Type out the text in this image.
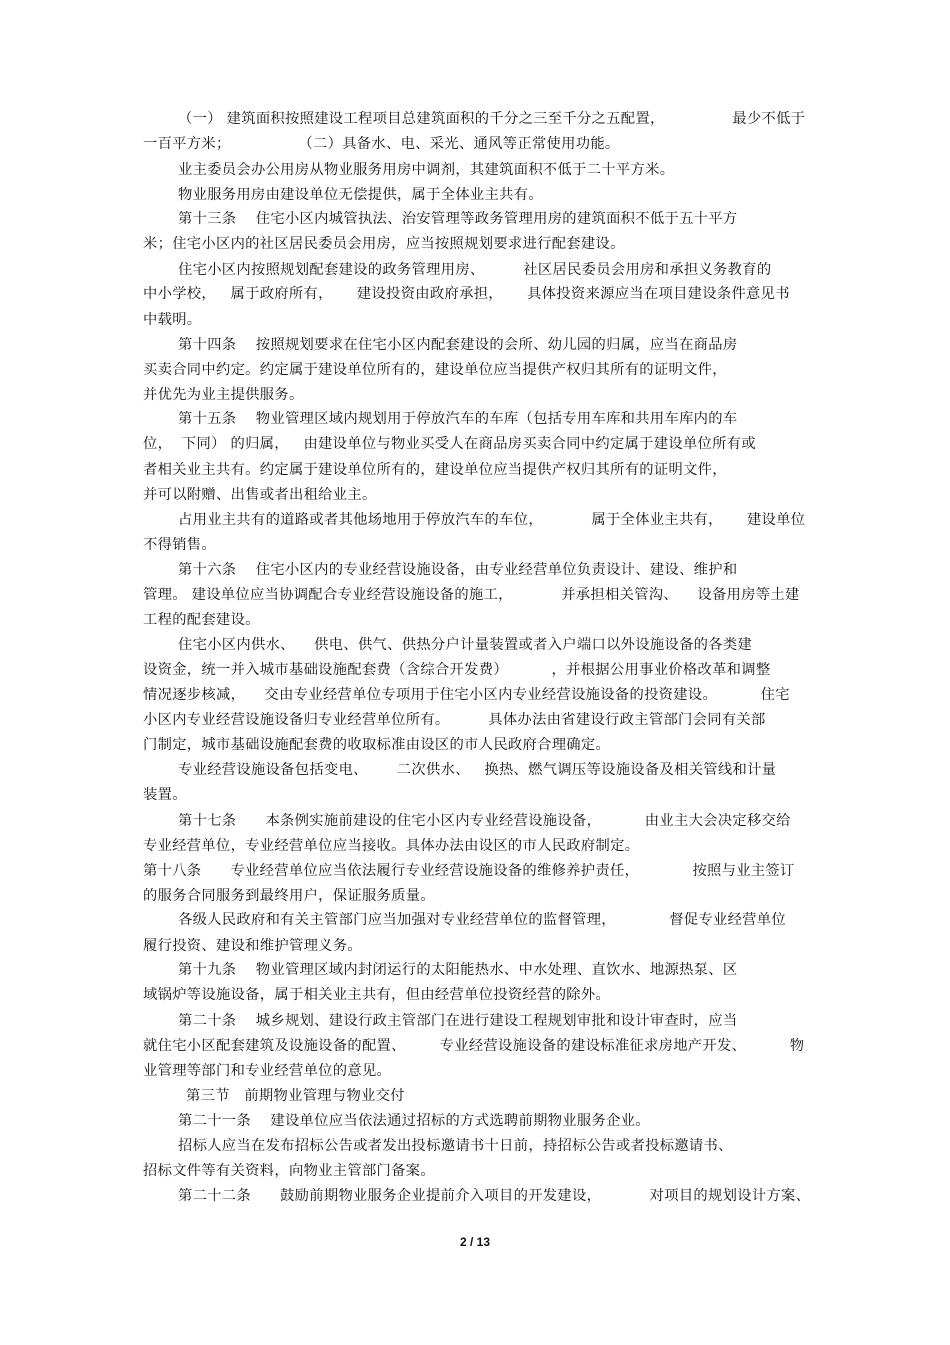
（一） 建筑面积按照建设工程项目总建筑面积的千分之三至千分之五配置，              最少不低于
一百平方米；              （二）具备水、电、采光、通风等正常使用功能。
业主委员会办公用房从物业服务用房中调剂，其建筑面积不低于二十平方米。
物业服务用房由建设单位无偿提供，属于全体业主共有。
第十三条    住宅小区内城管执法、治安管理等政务管理用房的建筑面积不低于五十平方
米；住宅小区内的社区居民委员会用房，应当按照规划要求进行配套建设。
住宅小区内按照规划配套建设的政务管理用房、        社区居民委员会用房和承担义务教育的
中小学校，   属于政府所有，     建设投资由政府承担，     具体投资来源应当在项目建设条件意见书
中载明。
第十四条    按照规划要求在住宅小区内配套建设的会所、幼儿园的归属，应当在商品房
买卖合同中约定。约定属于建设单位所有的，建设单位应当提供产权归其所有的证明文件，
并优先为业主提供服务。
第十五条    物业管理区域内规划用于停放汽车的车库（包括专用车库和共用车库内的车
位，  下同） 的归属，   由建设单位与物业买受人在商品房买卖合同中约定属于建设单位所有或
者相关业主共有。约定属于建设单位所有的，建设单位应当提供产权归其所有的证明文件，
并可以附赠、出售或者出租给业主。
占用业主共有的道路或者其他场地用于停放汽车的车位，          属于全体业主共有，     建设单位
不得销售。
第十六条    住宅小区内的专业经营设施设备，由专业经营单位负责设计、建设、维护和
管理。 建设单位应当协调配合专业经营设施设备的施工，          并承担相关管沟、    设备用房等土建
工程的配套建设。
住宅小区内供水、    供电、供气、供热分户计量装置或者入户端口以外设施设备的各类建
设资金，统一并入城市基础设施配套费（含综合开发费）         ，并根据公用事业价格改革和调整
情况逐步核减，    交由专业经营单位专项用于住宅小区内专业经营设施设备的投资建设。         住宅
小区内专业经营设施设备归专业经营单位所有。        具体办法由省建设行政主管部门会同有关部
门制定，城市基础设施配套费的收取标准由设区的市人民政府合理确定。
专业经营设施设备包括变电、      二次供水、   换热、燃气调压等设施设备及相关管线和计量
装置。
第十七条      本条例实施前建设的住宅小区内专业经营设施设备，         由业主大会决定移交给
专业经营单位，专业经营单位应当接收。具体办法由设区的市人民政府制定。
第十八条      专业经营单位应当依法履行专业经营设施设备的维修养护责任，           按照与业主签订
的服务合同服务到最终用户，保证服务质量。
各级人民政府和有关主管部门应当加强对专业经营单位的监督管理，           督促专业经营单位
履行投资、建设和维护管理义务。
第十九条    物业管理区域内封闭运行的太阳能热水、中水处理、直饮水、地源热泵、区
域锅炉等设施设备，属于相关业主共有，但由经营单位投资经营的除外。
第二十条    城乡规划、建设行政主管部门在进行建设工程规划审批和设计审查时，应当
就住宅小区配套建筑及设施设备的配置、       专业经营设施设备的建设标准征求房地产开发、         物
业管理等部门和专业经营单位的意见。
第三节   前期物业管理与物业交付
第二十一条    建设单位应当依法通过招标的方式选聘前期物业服务企业。
招标人应当在发布招标公告或者发出投标邀请书十日前，持招标公告或者投标邀请书、
招标文件等有关资料，向物业主管部门备案。
第二十二条      鼓励前期物业服务企业提前介入项目的开发建设，          对项目的规划设计方案、
2 / 13
